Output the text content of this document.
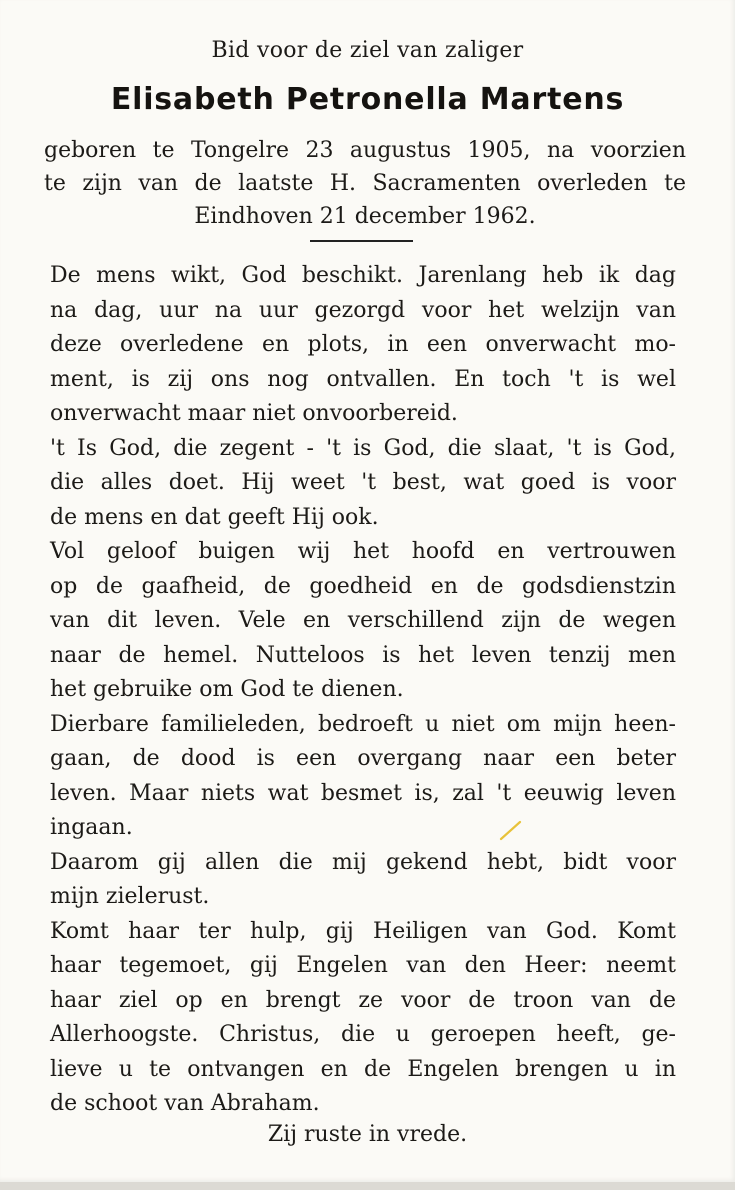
Bid voor de ziel van zaliger
Elisabeth Petronella Martens
geboren te Tongelre 23 augustus 1905, na voorzien
te zijn van de laatste H. Sacramenten overleden te
Eindhoven 21 december 1962.
De mens wikt, God beschikt. Jarenlang heb ik dag
na dag, uur na uur gezorgd voor het welzijn van
deze overledene en plots, in een onverwacht mo-
ment, is zij ons nog ontvallen. En toch 't is wel
onverwacht maar niet onvoorbereid.
't Is God, die zegent - 't is God, die slaat, 't is God,
die alles doet. Hij weet 't best, wat goed is voor
de mens en dat geeft Hij ook.
Vol geloof buigen wij het hoofd en vertrouwen
op de gaafheid, de goedheid en de godsdienstzin
van dit leven. Vele en verschillend zijn de wegen
naar de hemel. Nutteloos is het leven tenzij men
het gebruike om God te dienen.
Dierbare familieleden, bedroeft u niet om mijn heen-
gaan, de dood is een overgang naar een beter
leven. Maar niets wat besmet is, zal 't eeuwig leven
ingaan.
Daarom gij allen die mij gekend hebt, bidt voor
mijn zielerust.
Komt haar ter hulp, gij Heiligen van God. Komt
haar tegemoet, gij Engelen van den Heer: neemt
haar ziel op en brengt ze voor de troon van de
Allerhoogste. Christus, die u geroepen heeft, ge-
lieve u te ontvangen en de Engelen brengen u in
de schoot van Abraham.
Zij ruste in vrede.
